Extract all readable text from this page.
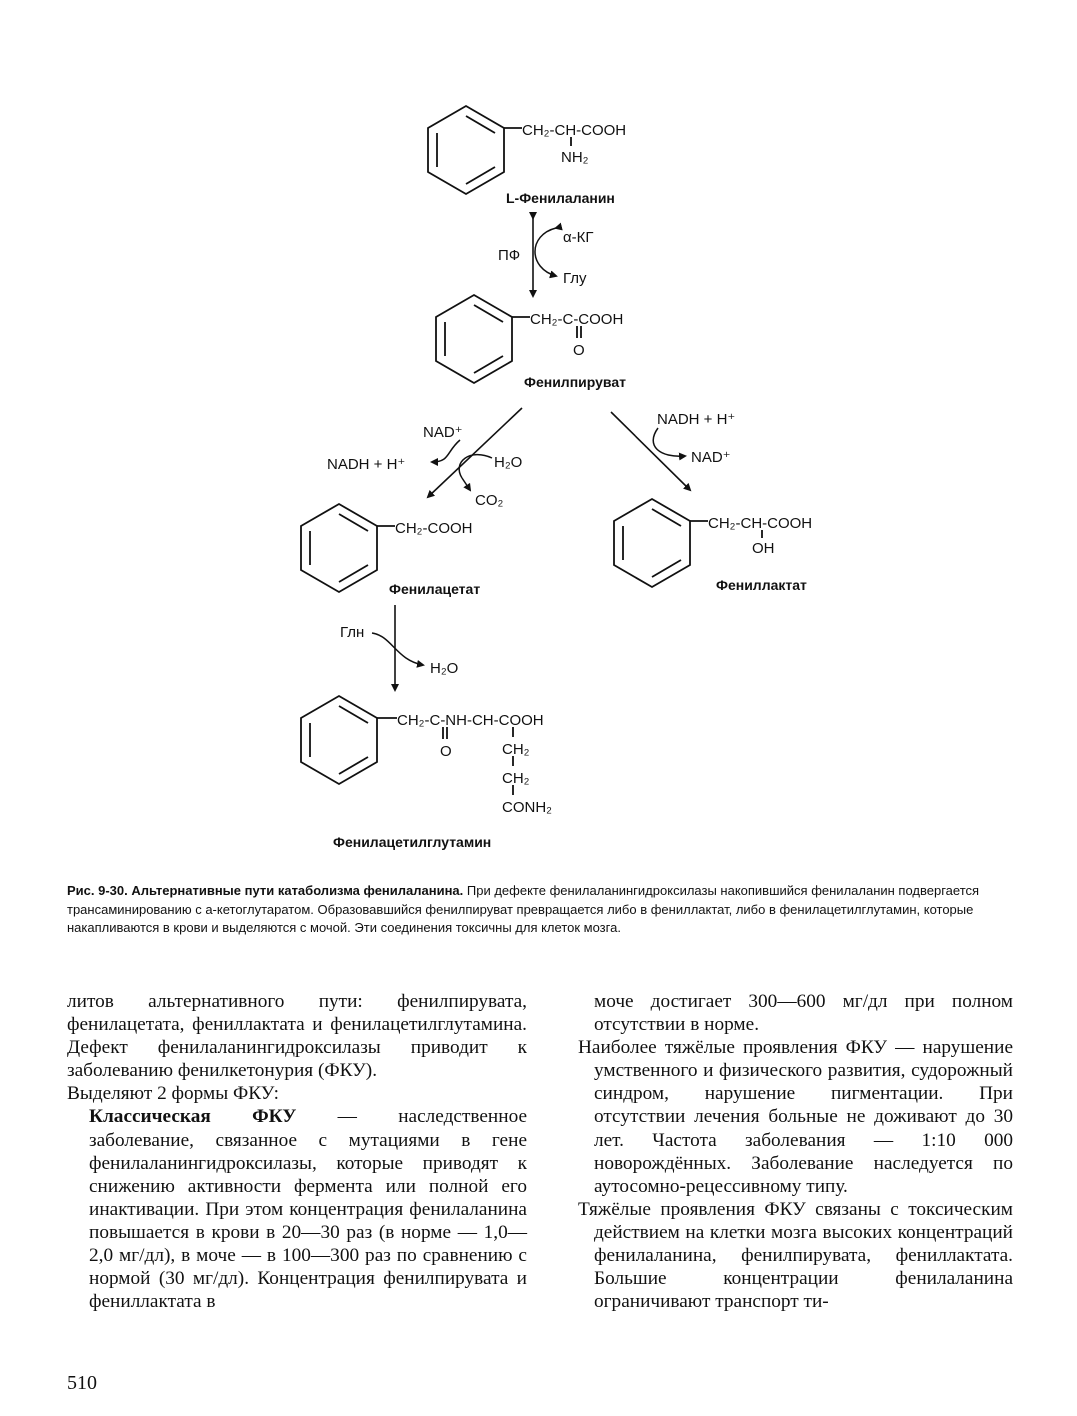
CH₂-CH-COOH
NH₂
L-Фенилаланин
ПФ
α-КГ
Глу
CH₂-C-COOH
O
Фенилпируват
NAD⁺
NADH + H⁺	H₂O
CO₂
NADH + H⁺
NAD⁺
CH₂-COOH
Фенилацетат
CH₂-CH-COOH
OH
Фениллактат
Глн
H₂O
CH₂-C-NH-CH-COOH
O	CH₂
CH₂
CONH₂
Фенилацетилглутамин
Рис. 9-30. Альтернативные пути катаболизма фенилаланина. При дефекте фенилаланингидроксилазы накопившийся фенилаланин подвергается трансаминированию с а-кетоглутаратом. Образовавшийся фенилпируват превращается либо в фениллактат, либо в фенилацетилглутамин, которые накапливаются в крови и выделяются с мочой. Эти соединения токсичны для клеток мозга.

литов альтернативного пути: фенилпирувата, фенилацетата, фениллактата и фенилацетилглутамина. Дефект фенилаланингидроксилазы приводит к заболеванию фенилкетонурия (ФКУ).

Выделяют 2 формы ФКУ:

Классическая ФКУ — наследственное заболевание, связанное с мутациями в гене фенилаланингидроксилазы, которые приводят к снижению активности фермента или полной его инактивации. При этом концентрация фенилаланина повышается в крови в 20—30 раз (в норме — 1,0—2,0 мг/дл), в моче — в 100—300 раз по сравнению с нормой (30 мг/дл). Концентрация фенилпирувата и фениллактата в

моче достигает 300—600 мг/дл при полном отсутствии в норме.

Наиболее тяжёлые проявления ФКУ — нарушение умственного и физического развития, судорожный синдром, нарушение пигментации. При отсутствии лечения больные не доживают до 30 лет. Частота заболевания — 1:10 000 новорождённых. Заболевание наследуется по аутосомно-рецессивному типу.

Тяжёлые проявления ФКУ связаны с токсическим действием на клетки мозга высоких концентраций фенилаланина, фенилпирувата, фениллактата. Большие концентрации фенилаланина ограничивают транспорт ти-

510
